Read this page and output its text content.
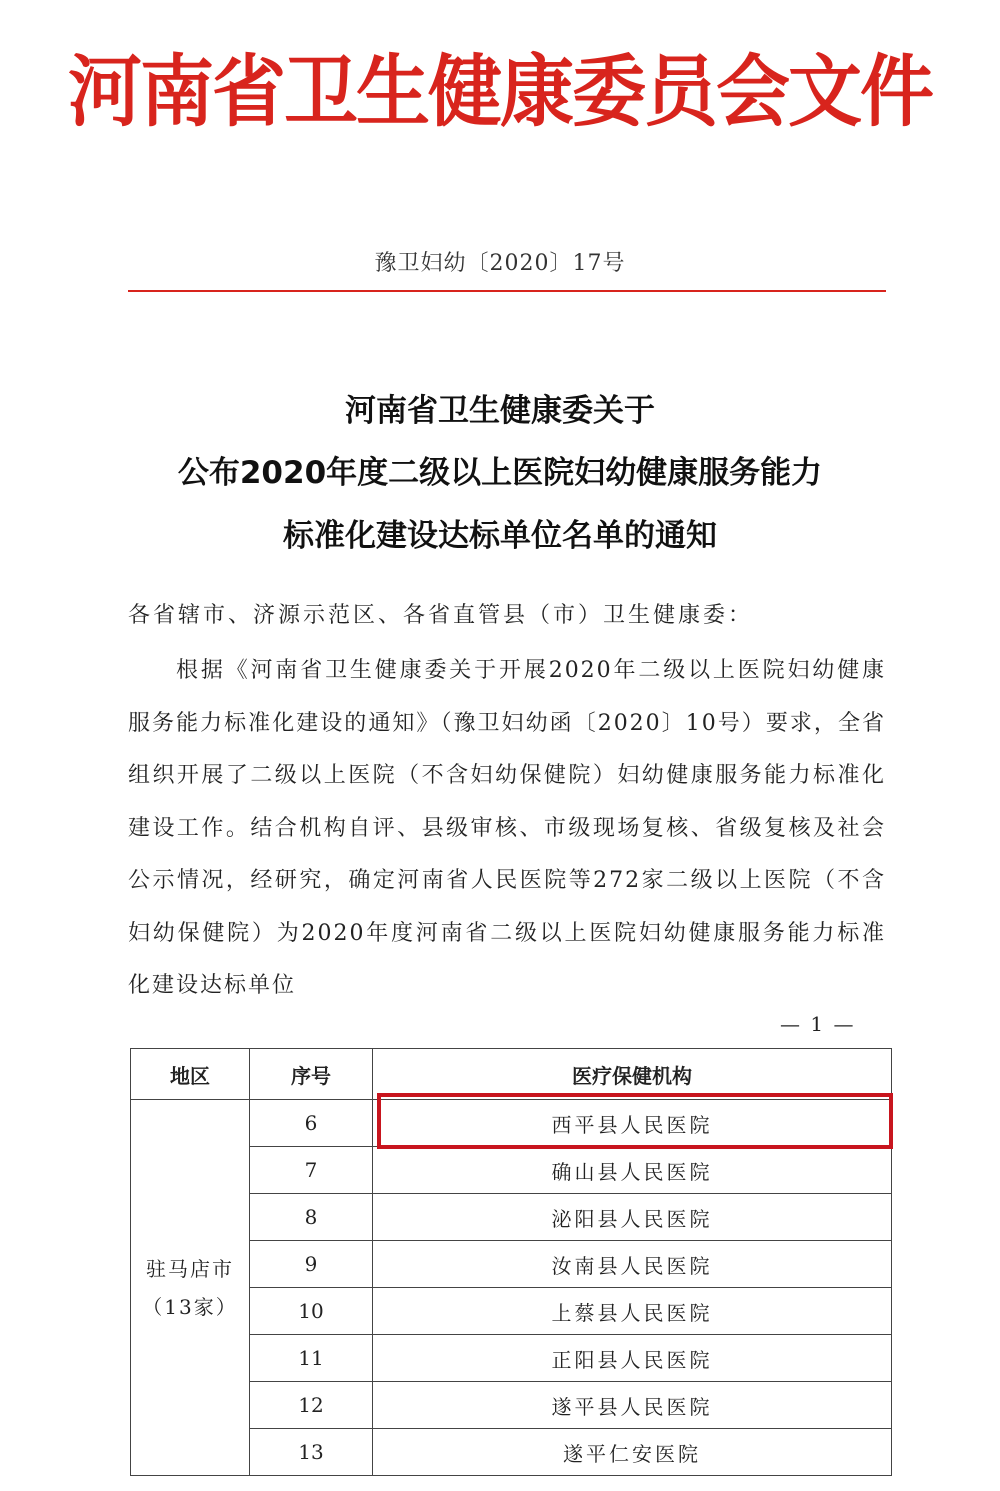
河南省卫生健康委员会文件
豫卫妇幼〔2020〕17号
河南省卫生健康委关于
公布2020年度二级以上医院妇幼健康服务能力
标准化建设达标单位名单的通知
各省辖市、济源示范区、各省直管县（市）卫生健康委：
根据《河南省卫生健康委关于开展2020年二级以上医院妇幼健康服务能力标准化建设的通知》（豫卫妇幼函〔2020〕10号）要求，全省组织开展了二级以上医院（不含妇幼保健院）妇幼健康服务能力标准化建设工作。结合机构自评、县级审核、市级现场复核、省级复核及社会公示情况，经研究，确定河南省人民医院等272家二级以上医院（不含妇幼保健院）为2020年度河南省二级以上医院妇幼健康服务能力标准化建设达标单位
— 1 —
地区	序号	医疗保健机构

驻马店市
（13家）	6	西平县人民医院
	7	确山县人民医院
	8	泌阳县人民医院
	9	汝南县人民医院
	10	上蔡县人民医院
	11	正阳县人民医院
	12	遂平县人民医院
	13	遂平仁安医院
